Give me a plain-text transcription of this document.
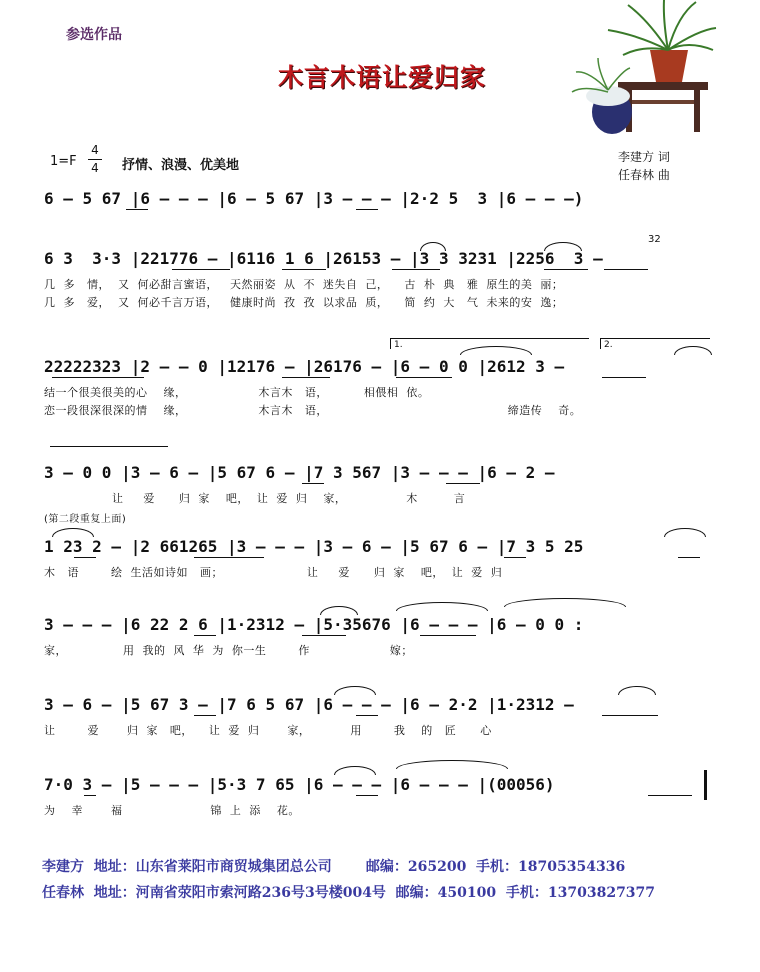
参选作品
木言木语让爱归家
1=F
4
4 抒情、浪漫、优美地
李建方 词
任春林 曲
6 – 5 67 |6 – – – |6 – 5 67 |3 – – – |2·2 5  3 |6 – – –)
6 3  3·3 |221776 – |6116 1 6 |26153 – |3 3 3231 |2256  3 –
32
几  多   情，  又  何必甜言蜜语，   天然丽姿  从  不  迷失自  己，    古  朴  典   雅  原生的美  丽；
几  多   爱，  又  何必千言万语，   健康时尚  孜  孜  以求品  质，    简  约  大   气  未来的安  逸；
1.	2.
22222323 |2 – – 0 |12176 – |26176 – |6 – 0 0 |2612 3 –
结一个很美很美的心    缘，                  木言木   语，         相偎相  依。
恋一段很深很深的情    缘，                  木言木   语，                                             缔造传    奇。
3 – 0 0 |3 – 6 – |5 67 6 – |7 3 567 |3 – – – |6 – 2 –
让     爱      归  家    吧，  让  爱  归    家，               木         言
(第二段重复上面)
1 23 2 – |2 661265 |3 – – – |3 – 6 – |5 67 6 – |7 3 5 25
木   语        绘  生活如诗如   画；                     让     爱      归  家    吧，  让  爱  归
3 – – – |6 22 2 6 |1·2312 – |5·35676 |6 – – – |6 – 0 0 :
家，              用  我的  风  华  为  你一生        作                    嫁；
3 – 6 – |5 67 3 – |7 6 5 67 |6 – – – |6 – 2·2 |1·2312 –
让        爱       归  家   吧，    让  爱  归       家，          用        我    的   匠      心
7·0 3 – |5 – – – |5·3 7 65 |6 – – – |6 – – – |(00056)
为    幸       福                      锦  上  添    花。
李建方  地址：山东省莱阳市商贸城集团总公司       邮编：265200  手机：18705354336
任春林  地址：河南省荥阳市索河路236号3号楼004号  邮编：450100  手机：13703827377
